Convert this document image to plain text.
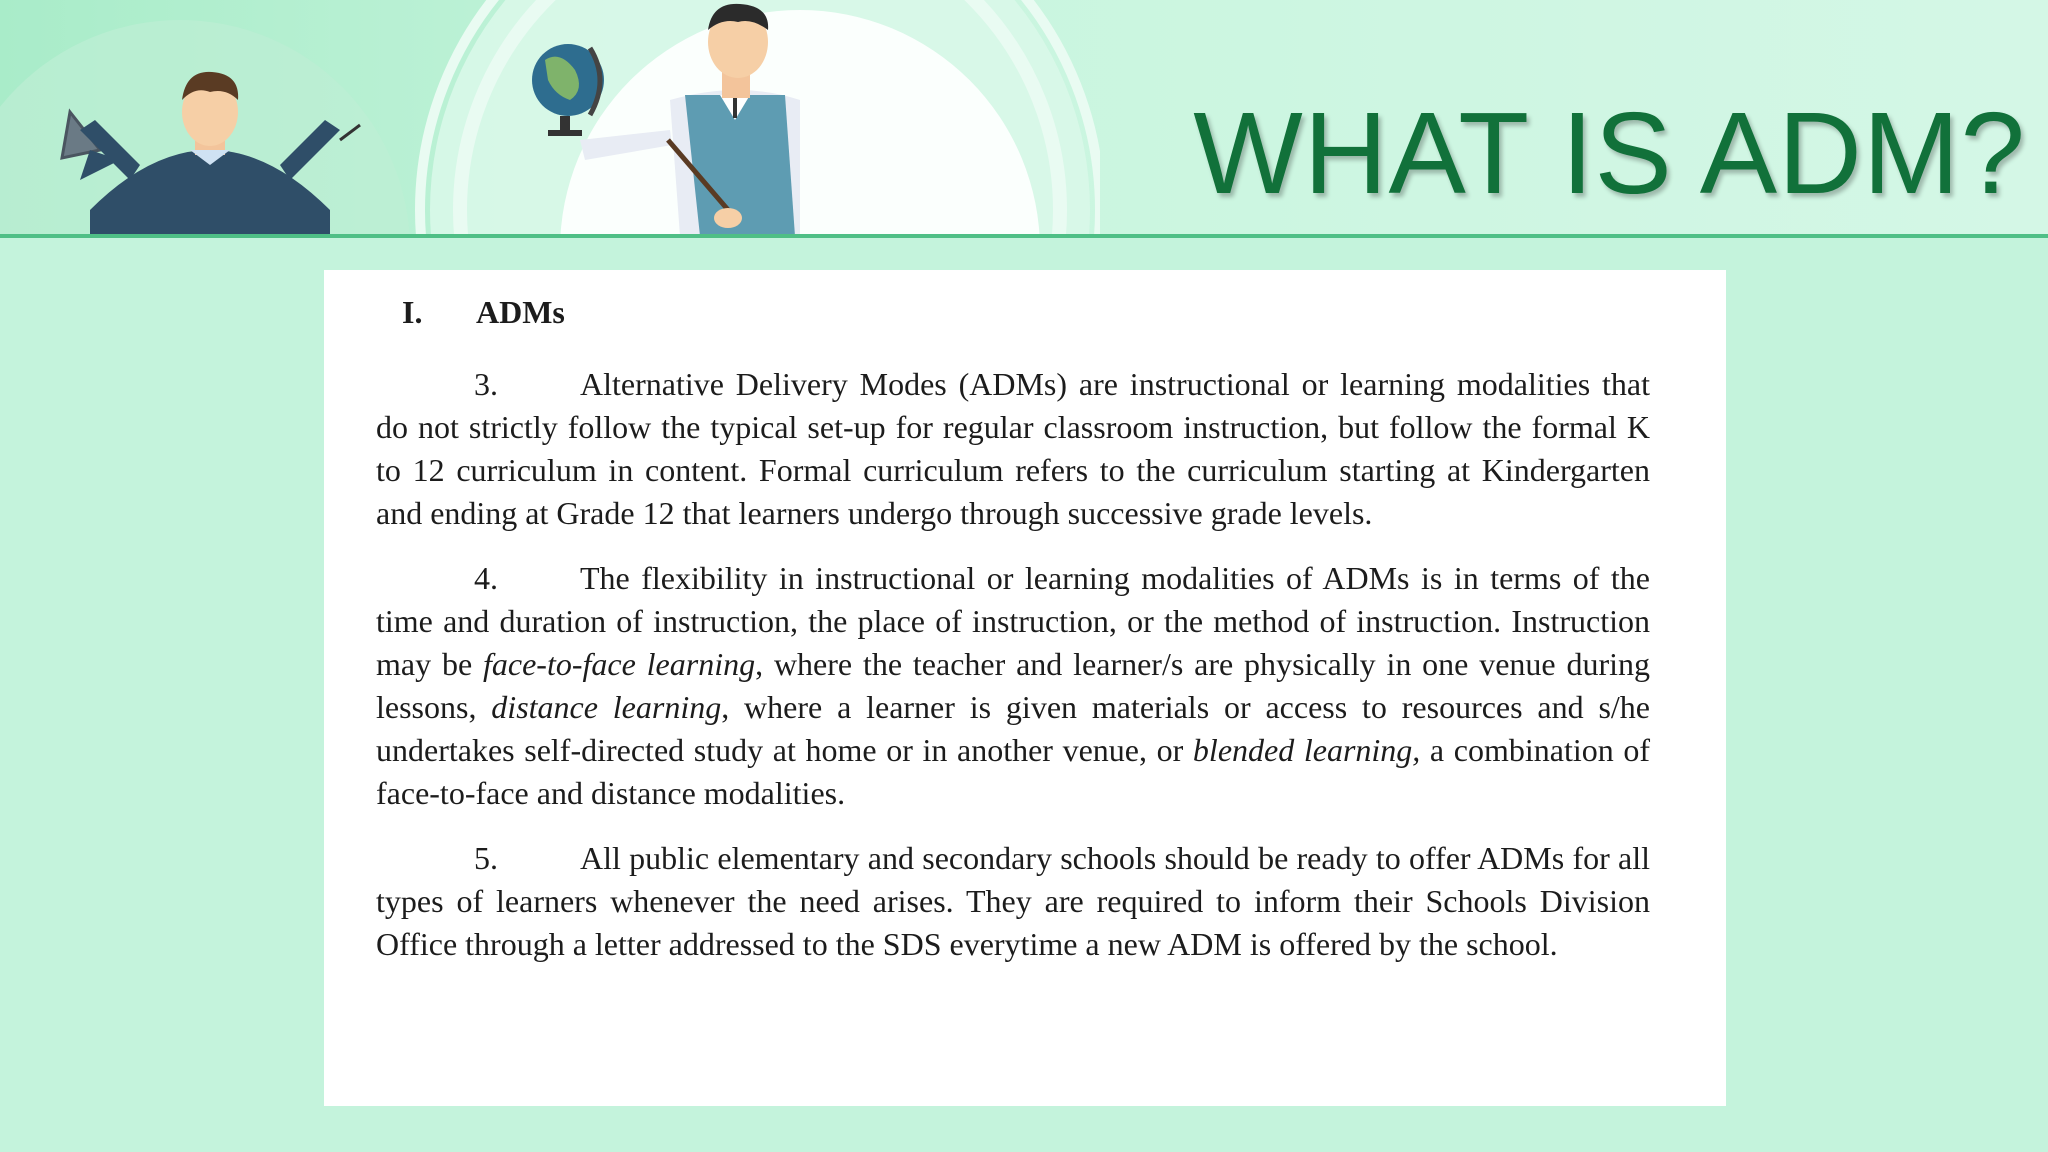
WHAT IS ADM?
I. ADMs

3.	Alternative Delivery Modes (ADMs) are instructional or learning modalities that do not strictly follow the typical set-up for regular classroom instruction, but follow the formal K to 12 curriculum in content. Formal curriculum refers to the curriculum starting at Kindergarten and ending at Grade 12 that learners undergo through successive grade levels.

4.	The flexibility in instructional or learning modalities of ADMs is in terms of the time and duration of instruction, the place of instruction, or the method of instruction. Instruction may be face-to-face learning, where the teacher and learner/s are physically in one venue during lessons, distance learning, where a learner is given materials or access to resources and s/he undertakes self-directed study at home or in another venue, or blended learning, a combination of face-to-face and distance modalities.

5.	All public elementary and secondary schools should be ready to offer ADMs for all types of learners whenever the need arises. They are required to inform their Schools Division Office through a letter addressed to the SDS everytime a new ADM is offered by the school.
